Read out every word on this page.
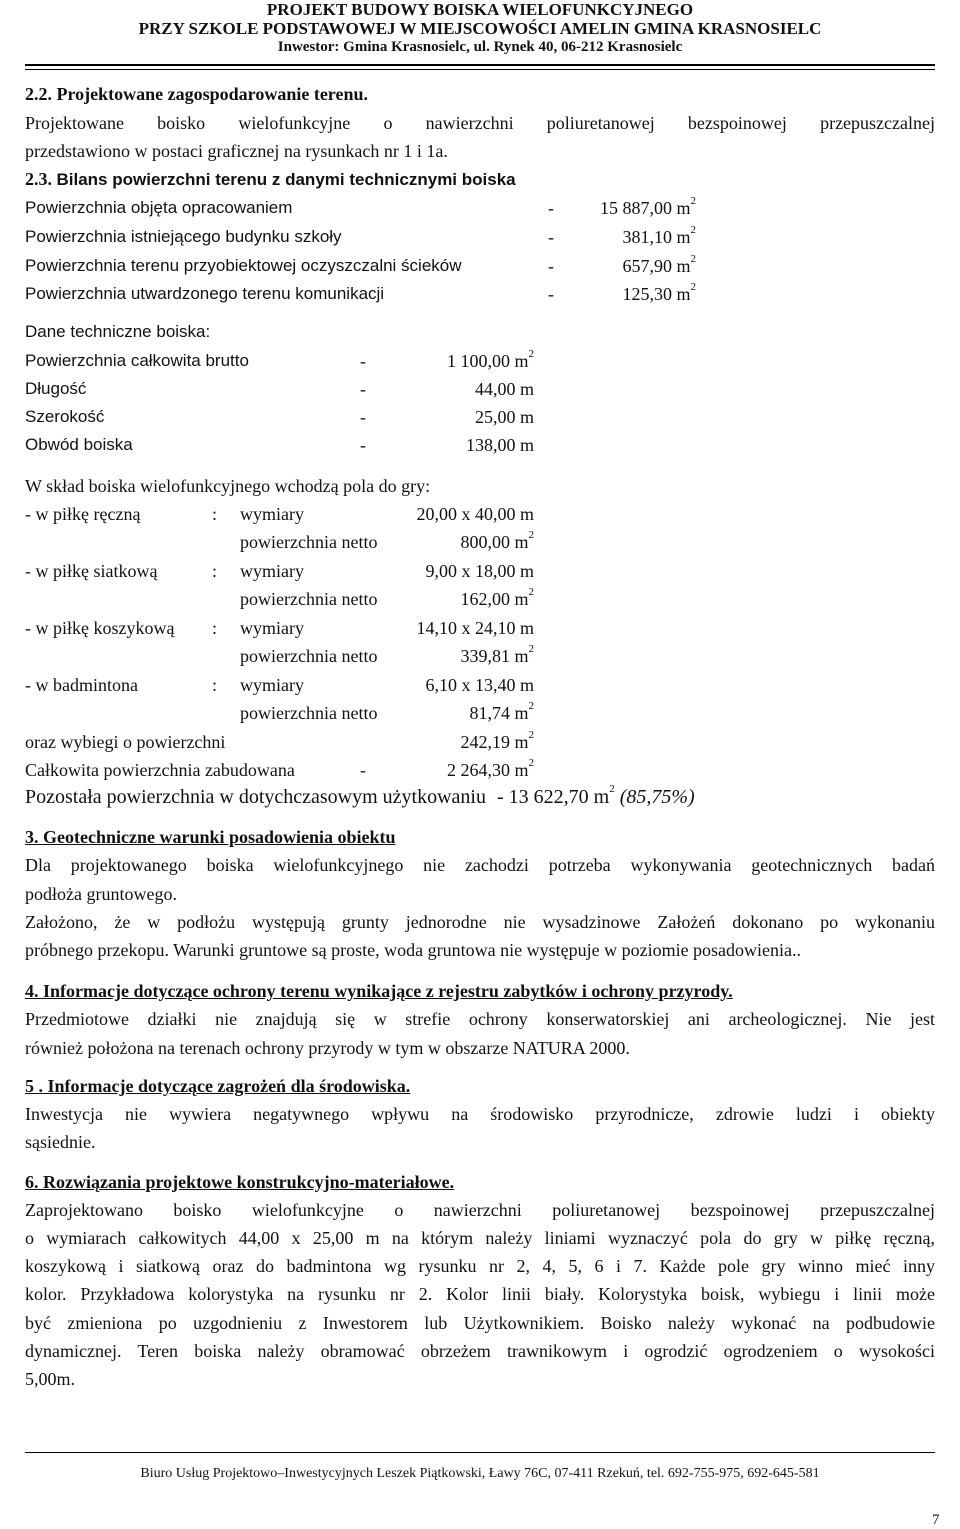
PROJEKT BUDOWY BOISKA WIELOFUNKCYJNEGO
PRZY SZKOLE PODSTAWOWEJ W MIEJSCOWOŚCI AMELIN GMINA KRASNOSIELC
Inwestor: Gmina Krasnosielc, ul. Rynek 40, 06-212 Krasnosielc
2.2. Projektowane zagospodarowanie terenu.
Projektowane boisko wielofunkcyjne o nawierzchni poliuretanowej bezspoinowej przepuszczalnej
przedstawiono w postaci graficznej na rysunkach nr 1 i 1a.
2.3. Bilans powierzchni terenu z danymi technicznymi boiska
Powierzchnia objęta opracowaniem	-	15 887,00 $m^2$
Powierzchnia istniejącego budynku szkoły	-	381,10 $m^2$
Powierzchnia terenu przyobiektowej oczyszczalni ścieków	-	657,90 $m^2$
Powierzchnia utwardzonego terenu komunikacji	-	125,30 $m^2$
Dane techniczne boiska:
Powierzchnia całkowita brutto	-	1 100,00 $m^2$
Długość	-	44,00 m
Szerokość	-	25,00 m
Obwód boiska	-	138,00 m
W skład boiska wielofunkcyjnego wchodzą pola do gry:
- w piłkę ręczną	: wymiary	20,00 x 40,00 m
powierzchnia netto	800,00 $m^2$
- w piłkę siatkową	: wymiary	9,00 x 18,00 m
powierzchnia netto	162,00 $m^2$
- w piłkę koszykową : wymiary	14,10 x 24,10 m
powierzchnia netto	339,81 $m^2$
- w badmintona	: wymiary	6,10 x 13,40 m
powierzchnia netto	81,74 $m^2$
oraz wybiegi o powierzchni	242,19 $m^2$
Całkowita powierzchnia zabudowana	-	2 264,30 $m^2$
Pozostała powierzchnia w dotychczasowym użytkowaniu - 13 622,70 $m^2$ (85,75%)
3. Geotechniczne warunki posadowienia obiektu
Dla projektowanego boiska wielofunkcyjnego nie zachodzi potrzeba wykonywania geotechnicznych badań
podłoża gruntowego.
Założono, że w podłożu występują grunty jednorodne nie wysadzinowe Założeń dokonano po wykonaniu
próbnego przekopu. Warunki gruntowe są proste, woda gruntowa nie występuje w poziomie posadowienia..
4. Informacje dotyczące ochrony terenu wynikające z rejestru zabytków i ochrony przyrody.
Przedmiotowe działki nie znajdują się w strefie ochrony konserwatorskiej ani archeologicznej. Nie jest
również położona na terenach ochrony przyrody w tym w obszarze NATURA 2000.
5 . Informacje dotyczące zagrożeń dla środowiska.
Inwestycja nie wywiera negatywnego wpływu na środowisko przyrodnicze, zdrowie ludzi i obiekty
sąsiednie.
6. Rozwiązania projektowe konstrukcyjno-materiałowe.
Zaprojektowano boisko wielofunkcyjne o nawierzchni poliuretanowej bezspoinowej przepuszczalnej
o wymiarach całkowitych 44,00 x 25,00 m na którym należy liniami wyznaczyć pola do gry w piłkę ręczną,
koszykową i siatkową oraz do badmintona wg rysunku nr 2, 4, 5, 6 i 7. Każde pole gry winno mieć inny
kolor. Przykładowa kolorystyka na rysunku nr 2. Kolor linii biały. Kolorystyka boisk, wybiegu i linii może
być zmieniona po uzgodnieniu z Inwestorem lub Użytkownikiem. Boisko należy wykonać na podbudowie
dynamicznej. Teren boiska należy obramować obrzeżem trawnikowym i ogrodzić ogrodzeniem o wysokości
5,00m.
Biuro Usług Projektowo–Inwestycyjnych Leszek Piątkowski, Ławy 76C, 07-411 Rzekuń, tel. 692-755-975, 692-645-581
7
